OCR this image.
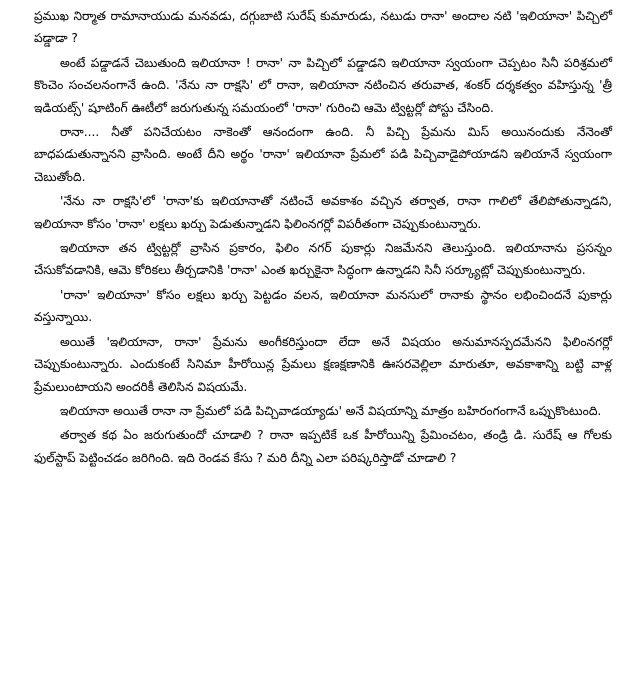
ప్రముఖ నిర్మాత రామానాయుడు మనవడు, దగ్గుబాటి సురేష్ కుమారుడు, నటుడు రానా' అందాల నటి 'ఇలియానా' పిచ్చిలో పడ్డాడా ?

అంటే పడ్డాడనే చెబుతుంది ఇలియానా ! రానా' నా పిచ్చిలో పడ్డాడని ఇలియానా స్వయంగా చెప్పటం సినీ పరిశ్రమలో కొంచెం సంచలనంగానే ఉంది. 'నేను నా రాక్షసి' లో రానా, ఇలియానా నటించిన తరువాత, శంకర్ దర్శకత్వం వహిస్తున్న 'త్రీ ఇడియట్స్' షూటింగ్ ఊటీలో జరుగుతున్న సమయంలో 'రానా' గురించి ఆమె ట్విట్టర్లో పోస్టు చేసింది.

రానా.... నీతో పనిచేయటం నాకెంతో ఆనందంగా ఉంది. నీ పిచ్చి ప్రేమను మిస్ అయినందుకు నేనెంతో బాధపడుతున్నానని వ్రాసింది. అంటే దీని అర్థం 'రానా' ఇలియానా ప్రేమలో పడి పిచ్చివాడైపోయాడని ఇలియానే స్వయంగా చెబుతోంది.

'నేను నా రాక్షసి'లో 'రానా'కు ఇలియానాతో నటించే అవకాశం వచ్చిన తర్వాత, రానా గాలిలో తేలిపోతున్నాడని, ఇలియానా కోసం 'రానా' లక్షలు ఖర్చు పెడుతున్నాడని ఫిలింనగర్లో విపరీతంగా చెప్పుకుంటున్నారు.

ఇలియానా తన ట్విట్టర్లో వ్రాసిన ప్రకారం, ఫిలిం నగర్ పుకార్లు నిజమేనని తెలుస్తుంది. ఇలియానాను ప్రసన్నం చేసుకోవడానికి, ఆమె కోరికలు తీర్చడానికి 'రానా' ఎంత ఖర్చుకైనా సిద్ధంగా ఉన్నాడని సినీ సర్క్యూట్లో చెప్పుకుంటున్నారు.

'రానా' ఇలియానా' కోసం లక్షలు ఖర్చు పెట్టడం వలన, ఇలియానా మనసులో రానాకు స్థానం లభించిందనే పుకార్లు వస్తున్నాయి.

అయితే 'ఇలియానా, రానా' ప్రేమను అంగీకరిస్తుందా లేదా అనే విషయం అనుమానస్పదమేనని ఫిలింనగర్లో చెప్పుకుంటున్నారు. ఎందుకంటే సినిమా హీరోయిన్ల ప్రేమలు క్షణక్షణానికి ఊసరవెల్లిలా మారుతూ, అవకాశాన్ని బట్టి వాళ్ల ప్రేమలుంటాయని అందరికీ తెలిసిన విషయమే.

ఇలియానా అయితే రానా నా ప్రేమలో పడి పిచ్చివాడయ్యాడు' అనే విషయాన్ని మాత్రం బహిరంగంగానే ఒప్పుకొంటుంది.

తర్వాత కథ ఏం జరుగుతుందో చూడాలి ? రానా ఇప్పటికే ఒక హీరోయిన్ని ప్రేమించటం, తండ్రి డి. సురేష్ ఆ గోలకు ఫుల్‌స్టాప్ పెట్టించడం జరిగింది. ఇది రెండవ కేసు ? మరి దీన్ని ఎలా పరిష్కరిస్తాడో చూడాలి ?
